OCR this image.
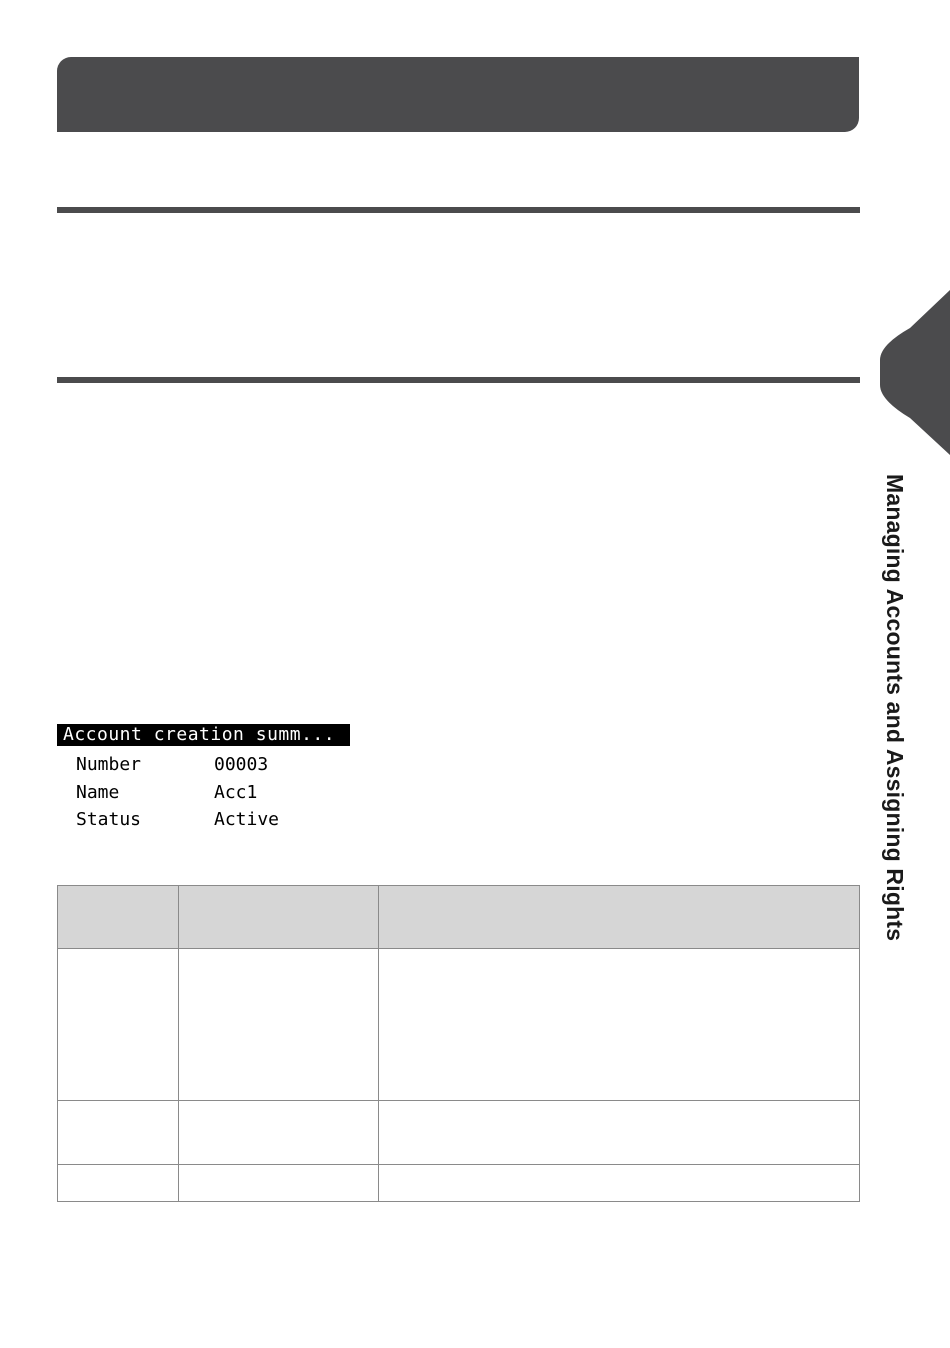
Managing Accounts and Assigning Rights
Account creation summ...
Number	00003
Name	Acc1
Status	Active
